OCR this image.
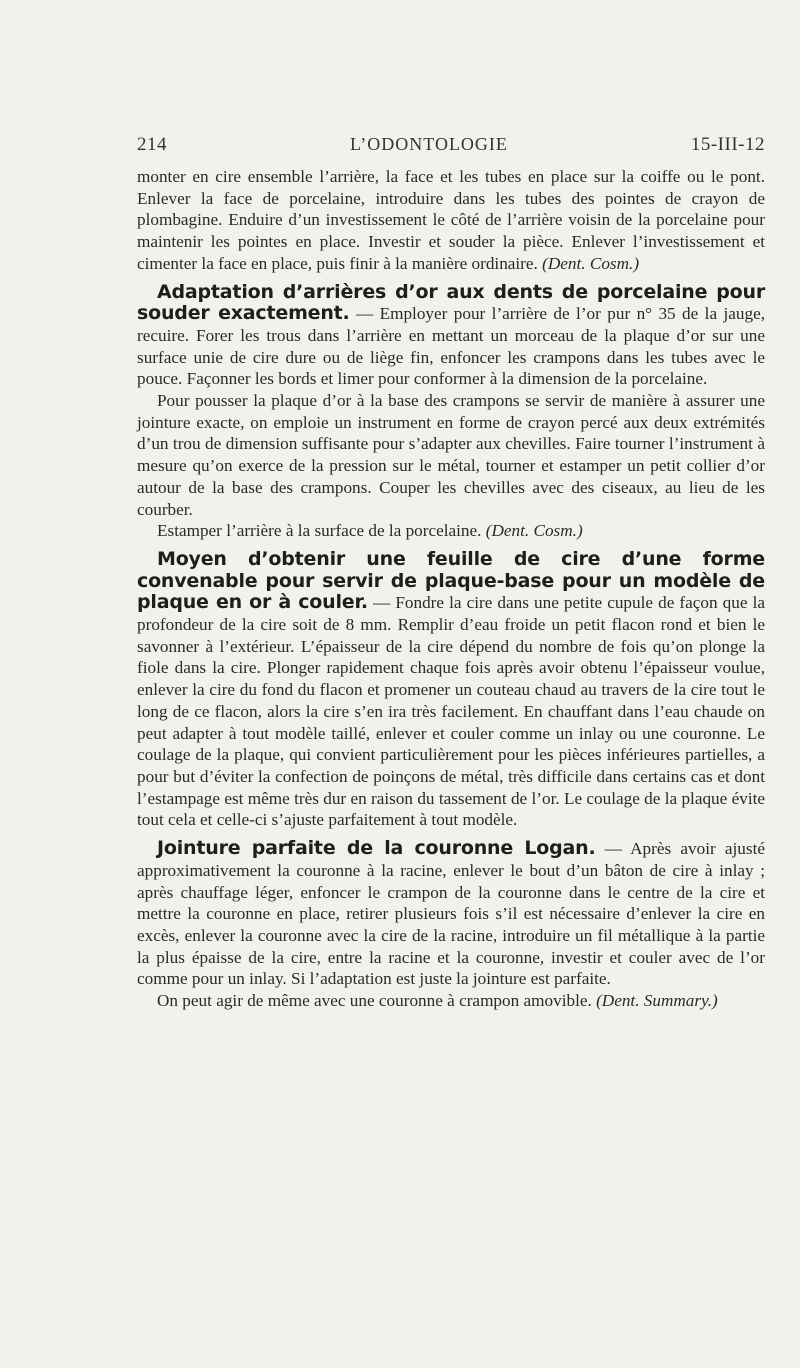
214	L’ODONTOLOGIE	15-III-12

monter en cire ensemble l’arrière, la face et les tubes en place sur la coiffe ou le pont. Enlever la face de porcelaine, introduire dans les tubes des pointes de crayon de plombagine. Enduire d’un investissement le côté de l’arrière voisin de la porcelaine pour maintenir les pointes en place. Investir et souder la pièce. Enlever l’investissement et cimenter la face en place, puis finir à la manière ordinaire. (Dent. Cosm.)

Adaptation d’arrières d’or aux dents de porcelaine pour souder exactement. — Employer pour l’arrière de l’or pur n° 35 de la jauge, recuire. Forer les trous dans l’arrière en mettant un morceau de la plaque d’or sur une surface unie de cire dure ou de liège fin, enfoncer les crampons dans les tubes avec le pouce. Façonner les bords et limer pour conformer à la dimension de la porcelaine.

Pour pousser la plaque d’or à la base des crampons se servir de manière à assurer une jointure exacte, on emploie un instrument en forme de crayon percé aux deux extrémités d’un trou de dimension suffisante pour s’adapter aux chevilles. Faire tourner l’instrument à mesure qu’on exerce de la pression sur le métal, tourner et estamper un petit collier d’or autour de la base des crampons. Couper les chevilles avec des ciseaux, au lieu de les courber.

Estamper l’arrière à la surface de la porcelaine. (Dent. Cosm.)

Moyen d’obtenir une feuille de cire d’une forme convenable pour servir de plaque-base pour un modèle de plaque en or à couler. — Fondre la cire dans une petite cupule de façon que la profondeur de la cire soit de 8 mm. Remplir d’eau froide un petit flacon rond et bien le savonner à l’extérieur. L’épaisseur de la cire dépend du nombre de fois qu’on plonge la fiole dans la cire. Plonger rapidement chaque fois après avoir obtenu l’épaisseur voulue, enlever la cire du fond du flacon et promener un couteau chaud au travers de la cire tout le long de ce flacon, alors la cire s’en ira très facilement. En chauffant dans l’eau chaude on peut adapter à tout modèle taillé, enlever et couler comme un inlay ou une couronne. Le coulage de la plaque, qui convient particulièrement pour les pièces inférieures partielles, a pour but d’éviter la confection de poinçons de métal, très difficile dans certains cas et dont l’estampage est même très dur en raison du tassement de l’or. Le coulage de la plaque évite tout cela et celle-ci s’ajuste parfaitement à tout modèle.

Jointure parfaite de la couronne Logan. — Après avoir ajusté approximativement la couronne à la racine, enlever le bout d’un bâton de cire à inlay ; après chauffage léger, enfoncer le crampon de la couronne dans le centre de la cire et mettre la couronne en place, retirer plusieurs fois s’il est nécessaire d’enlever la cire en excès, enlever la couronne avec la cire de la racine, introduire un fil métallique à la partie la plus épaisse de la cire, entre la racine et la couronne, investir et couler avec de l’or comme pour un inlay. Si l’adaptation est juste la jointure est parfaite.

On peut agir de même avec une couronne à crampon amovible. (Dent. Summary.)
